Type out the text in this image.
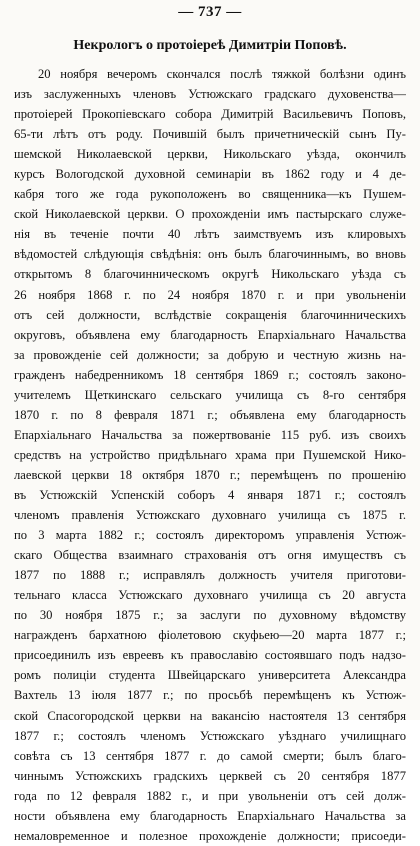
— 737 —
Некрологъ о протоіереѣ Димитріи Поповѣ.
20 ноября вечеромъ скончался послѣ тяжкой болѣзни одинъ
изъ заслуженныхъ членовъ Устюжскаго градскаго духовенства—
протоіерей Прокопіевскаго собора Димитрій Васильевичъ Поповъ,
65-ти лѣтъ отъ роду. Почившій былъ причетническій сынъ Пу-
шемской Николаевской церкви, Никольскаго уѣзда, окончилъ
курсъ Вологодской духовной семинаріи въ 1862 году и 4 де-
кабря того же года рукоположенъ во священника—къ Пушем-
ской Николаевской церкви. О прохожденіи имъ пастырскаго служе-
нія въ теченіе почти 40 лѣтъ заимствуемъ изъ клировыхъ
вѣдомостей слѣдующія свѣдѣнія: онъ былъ благочиннымъ, во вновь
открытомъ 8 благочинническомъ округѣ Никольскаго уѣзда съ
26 ноября 1868 г. по 24 ноября 1870 г. и при увольненіи
отъ сей должности, вслѣдствіе сокращенія благочинническихъ
округовъ, объявлена ему благодарность Епархіальнаго Начальства
за провожденіе сей должности; за добрую и честную жизнь на-
гражденъ набедренникомъ 18 сентября 1869 г.; состоялъ законо-
учителемъ Щеткинскаго сельскаго училища съ 8-го сентября
1870 г. по 8 февраля 1871 г.; объявлена ему благодарность
Епархіальнаго Начальства за пожертвованіе 115 руб. изъ своихъ
средствъ на устройство придѣльнаго храма при Пушемской Нико-
лаевской церкви 18 октября 1870 г.; перемѣщенъ по прошенію
въ Устюжскій Успенскій соборъ 4 января 1871 г.; состоялъ
членомъ правленія Устюжскаго духовнаго училища съ 1875 г.
по 3 марта 1882 г.; состоялъ директоромъ управленія Устюж-
скаго Общества взаимнаго страхованія отъ огня имуществъ съ
1877 по 1888 г.; исправлялъ должность учителя приготови-
тельнаго класса Устюжскаго духовнаго училища съ 20 августа
по 30 ноября 1875 г.; за заслуги по духовному вѣдомству
награжденъ бархатною фіолетовою скуфьею—20 марта 1877 г.;
присоединилъ изъ евреевъ къ православію состоявшаго подъ надзо-
ромъ полиціи студента Швейцарскаго университета Александра
Вахтель 13 іюля 1877 г.; по просьбѣ перемѣщенъ къ Устюж-
ской Спасогородской церкви на вакансію настоятеля 13 сентября
1877 г.; состоялъ членомъ Устюжскаго уѣзднаго училищнаго
совѣта съ 13 сентября 1877 г. до самой смерти; былъ благо-
чиннымъ Устюжскихъ градскихъ церквей съ 20 сентября 1877
года по 12 февраля 1882 г., и при увольненіи отъ сей долж-
ности объявлена ему благодарность Епархіальнаго Начальства за
немаловременное и полезное прохожденіе должности; присоеди-
